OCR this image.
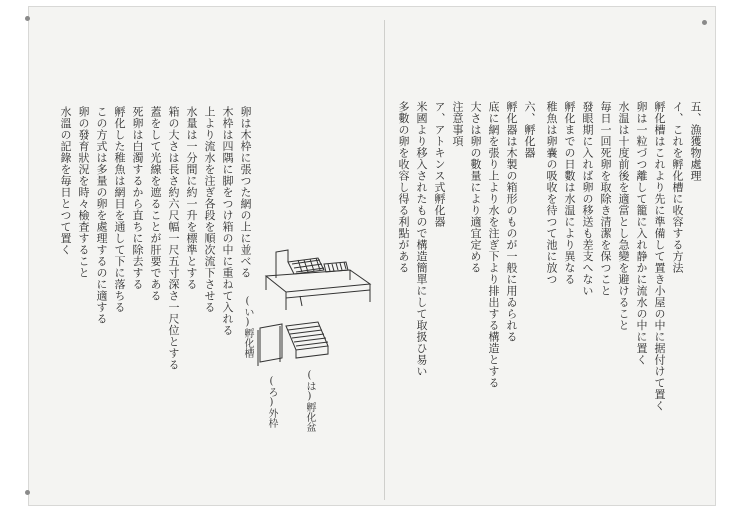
五、漁獲物處理
イ、これを孵化槽に收容する方法
孵化槽はこれより先に準備して置き小屋の中に据付けて置く
卵は一粒づつ離して籠に入れ静かに流水の中に置く
水温は十度前後を適當とし急變を避けること
毎日一回死卵を取除き清潔を保つこと
發眼期に入れば卵の移送も差支へない
孵化までの日數は水温により異なる
稚魚は卵嚢の吸收を待つて池に放つ
六、孵化器
孵化器は木製の箱形のものが一般に用ゐられる
底に網を張り上より水を注ぎ下より排出する構造とする
大さは卵の數量により適宜定める
注意事項
ア、アトキンス式孵化器
米國より移入されたもので構造簡單にして取扱ひ易い
多數の卵を收容し得る利點がある
卵は木枠に張つた網の上に並べる
木枠は四隅に脚をつけ箱の中に重ねて入れる
上より流水を注ぎ各段を順次流下させる
水量は一分間に約一升を標準とする
箱の大さは長さ約六尺幅一尺五寸深さ一尺位とする
蓋をして光線を遮ることが肝要である
死卵は白濁するから直ちに除去する
孵化した稚魚は網目を通して下に落ちる
この方式は多量の卵を處理するのに適する
卵の發育狀況を時々檢査すること
水溫の記錄を毎日とつて置く
(い)孵化槽
(ろ)外枠	(は)孵化盆
